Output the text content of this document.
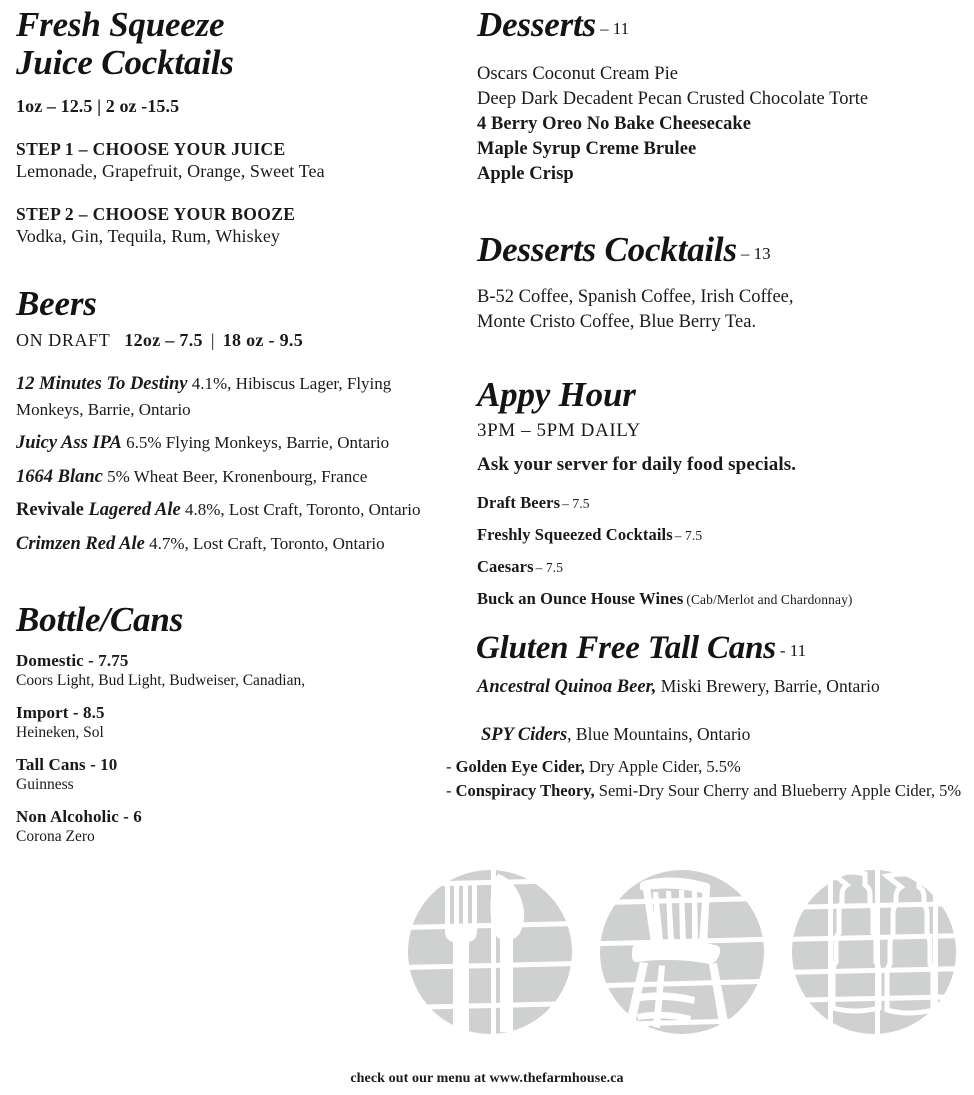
Fresh Squeeze
Juice Cocktails
1oz – 12.5 | 2 oz -15.5
STEP 1 – CHOOSE YOUR JUICE
Lemonade, Grapefruit, Orange, Sweet Tea
STEP 2 – CHOOSE YOUR BOOZE
Vodka, Gin, Tequila, Rum, Whiskey
Beers
ON DRAFT 12oz – 7.5 | 18 oz - 9.5
12 Minutes To Destiny 4.1%, Hibiscus Lager, Flying Monkeys, Barrie, Ontario
Juicy Ass IPA 6.5% Flying Monkeys, Barrie, Ontario
1664 Blanc 5% Wheat Beer, Kronenbourg, France
Revivale Lagered Ale 4.8%, Lost Craft, Toronto, Ontario
Crimzen Red Ale 4.7%, Lost Craft, Toronto, Ontario
Bottle/Cans
Domestic - 7.75
Coors Light, Bud Light, Budweiser, Canadian,
Import - 8.5
Heineken, Sol
Tall Cans - 10
Guinness
Non Alcoholic - 6
Corona Zero
Desserts – 11
Oscars Coconut Cream Pie
Deep Dark Decadent Pecan Crusted Chocolate Torte
4 Berry Oreo No Bake Cheesecake
Maple Syrup Creme Brulee
Apple Crisp
Desserts Cocktails – 13
B-52 Coffee, Spanish Coffee, Irish Coffee,
Monte Cristo Coffee, Blue Berry Tea.
Appy Hour
3PM – 5PM DAILY
Ask your server for daily food specials.
Draft Beers – 7.5
Freshly Squeezed Cocktails – 7.5
Caesars – 7.5
Buck an Ounce House Wines (Cab/Merlot and Chardonnay)
Gluten Free Tall Cans - 11
Ancestral Quinoa Beer, Miski Brewery, Barrie, Ontario
SPY Ciders, Blue Mountains, Ontario
- Golden Eye Cider, Dry Apple Cider, 5.5%
- Conspiracy Theory, Semi-Dry Sour Cherry and Blueberry Apple Cider, 5%
check out our menu at www.thefarmhouse.ca
